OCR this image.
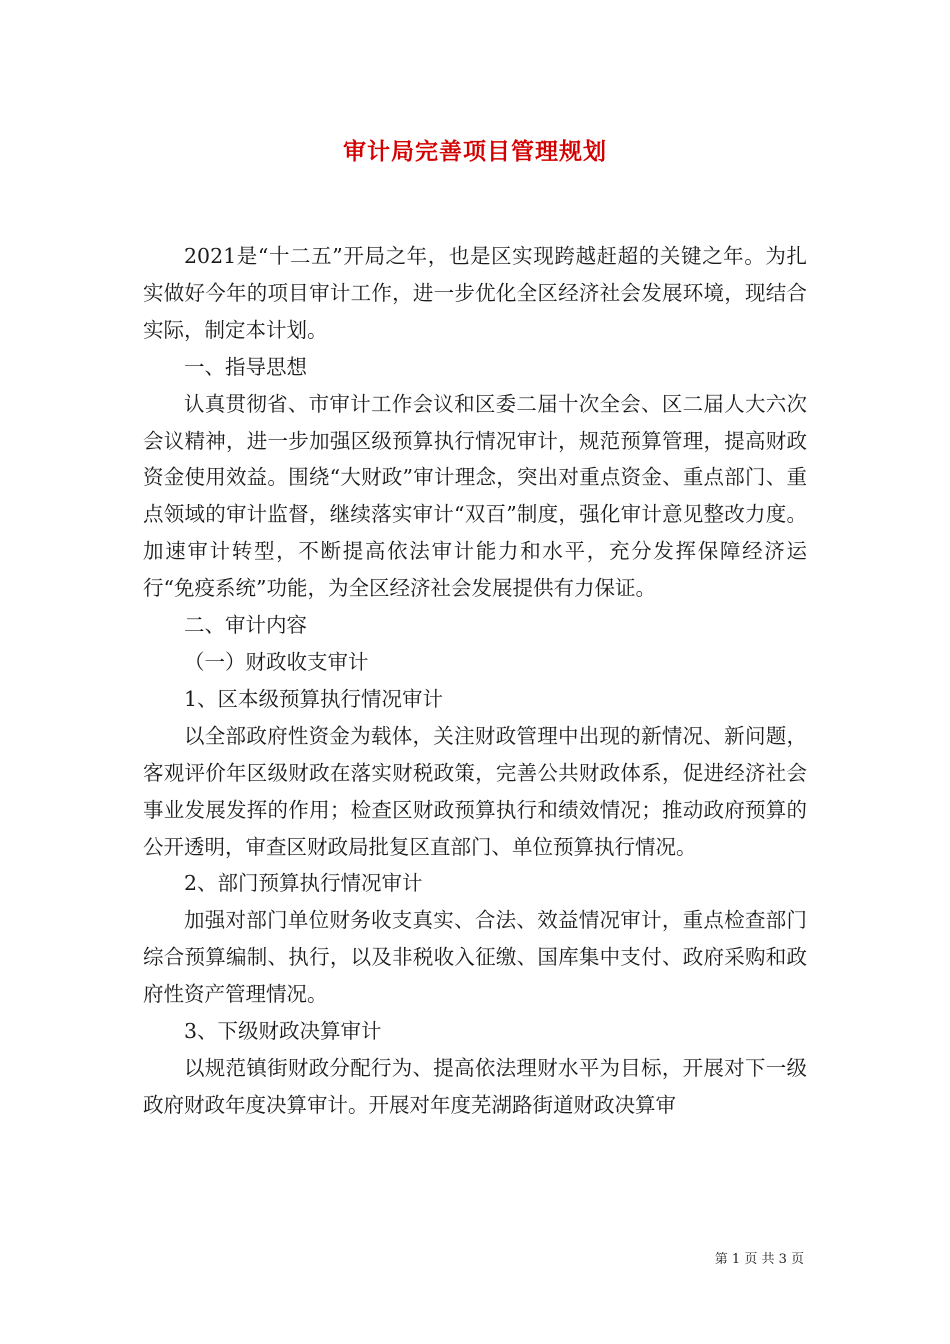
审计局完善项目管理规划

2021是“十二五”开局之年，也是区实现跨越赶超的关键之年。为扎实做好今年的项目审计工作，进一步优化全区经济社会发展环境，现结合实际，制定本计划。

一、指导思想

认真贯彻省、市审计工作会议和区委二届十次全会、区二届人大六次会议精神，进一步加强区级预算执行情况审计，规范预算管理，提高财政资金使用效益。围绕“大财政”审计理念，突出对重点资金、重点部门、重点领域的审计监督，继续落实审计“双百”制度，强化审计意见整改力度。加速审计转型，不断提高依法审计能力和水平，充分发挥保障经济运行“免疫系统”功能，为全区经济社会发展提供有力保证。

二、审计内容

（一）财政收支审计

1、区本级预算执行情况审计

以全部政府性资金为载体，关注财政管理中出现的新情况、新问题，客观评价年区级财政在落实财税政策，完善公共财政体系，促进经济社会事业发展发挥的作用；检查区财政预算执行和绩效情况；推动政府预算的公开透明，审查区财政局批复区直部门、单位预算执行情况。

2、部门预算执行情况审计

加强对部门单位财务收支真实、合法、效益情况审计，重点检查部门综合预算编制、执行，以及非税收入征缴、国库集中支付、政府采购和政府性资产管理情况。

3、下级财政决算审计

以规范镇街财政分配行为、提高依法理财水平为目标，开展对下一级政府财政年度决算审计。开展对年度芜湖路街道财政决算审

第 1 页 共 3 页
